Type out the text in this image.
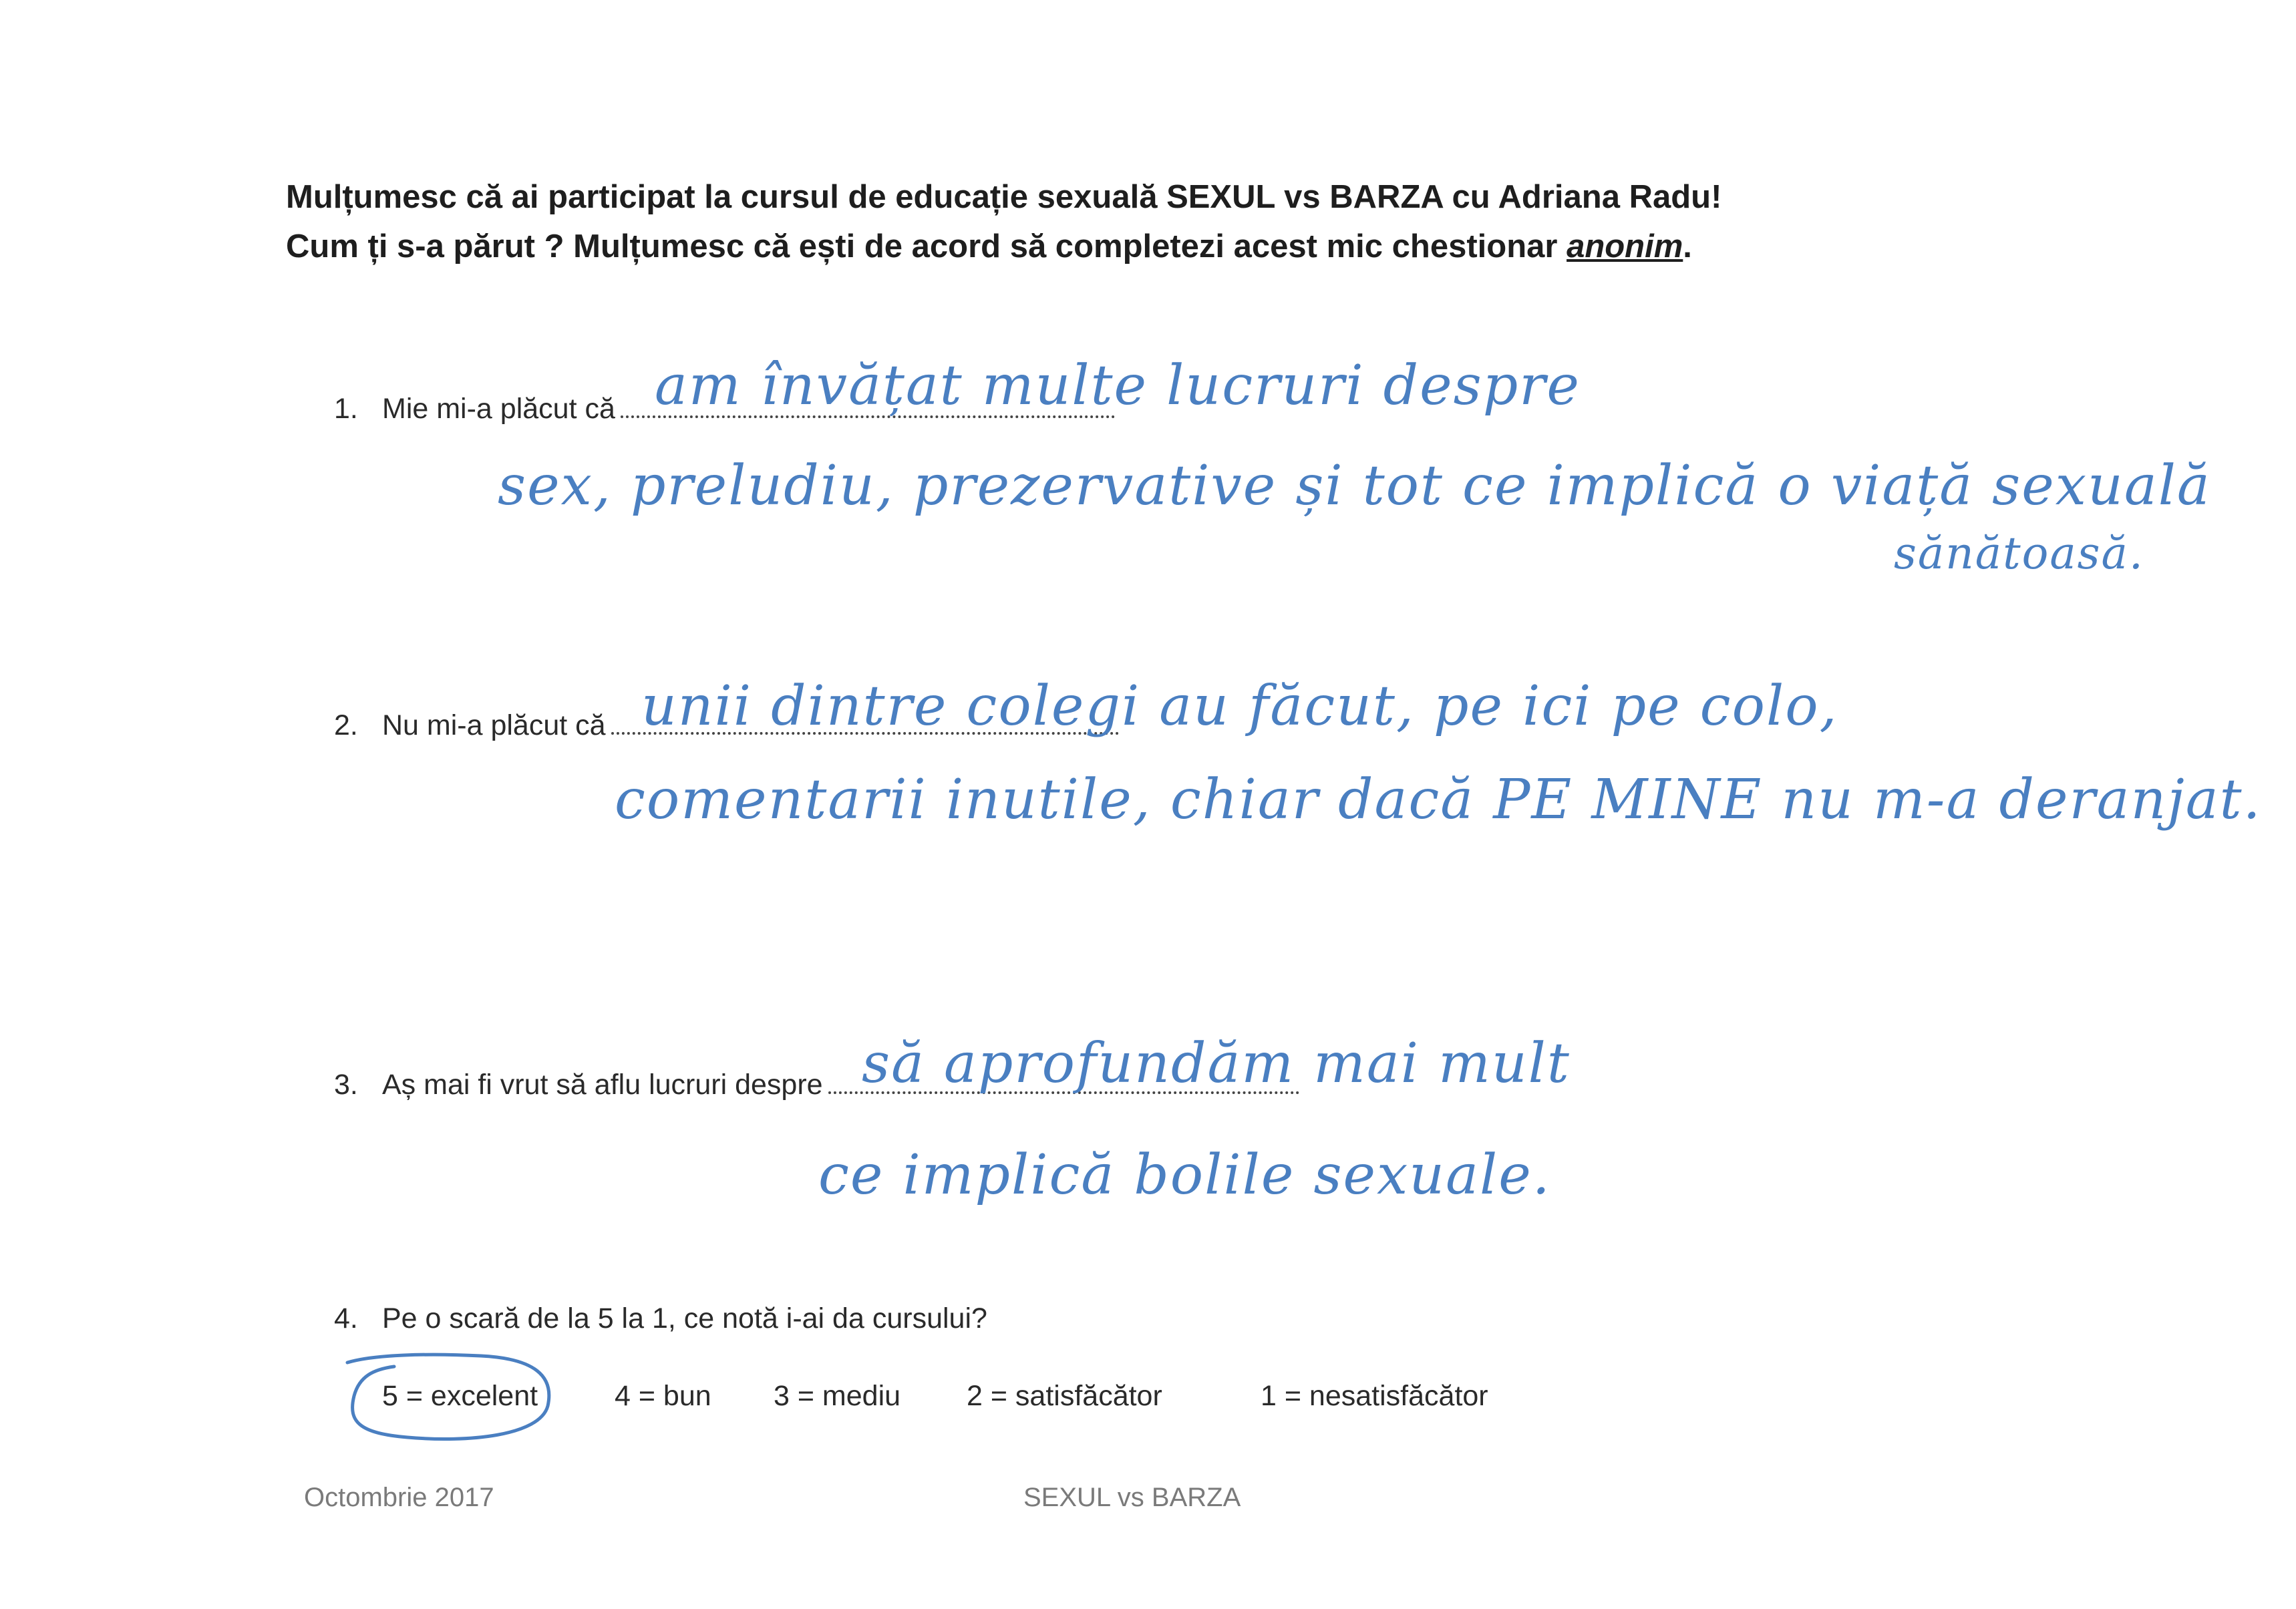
Mulțumesc că ai participat la cursul de educație sexuală SEXUL vs BARZA cu Adriana Radu!
Cum ți s-a părut ? Mulțumesc că ești de acord să completezi acest mic chestionar anonim.
1. Mie mi-a plăcut că am învățat multe lucruri despre
sex, preludiu, prezervative și tot ce implică o viață sexuală
sănătoasă.
2. Nu mi-a plăcut că unii dintre colegi au făcut, pe ici pe colo,
comentarii inutile, chiar dacă PE MINE nu m-a deranjat.
3. Aș mai fi vrut să aflu lucruri despre să aprofundăm mai mult
ce implică bolile sexuale.
4. Pe o scară de la 5 la 1, ce notă i-ai da cursului?
5 = excelent	4 = bun 3 = mediu 2 = satisfăcător	1 = nesatisfăcător
Octombrie 2017	SEXUL vs BARZA
